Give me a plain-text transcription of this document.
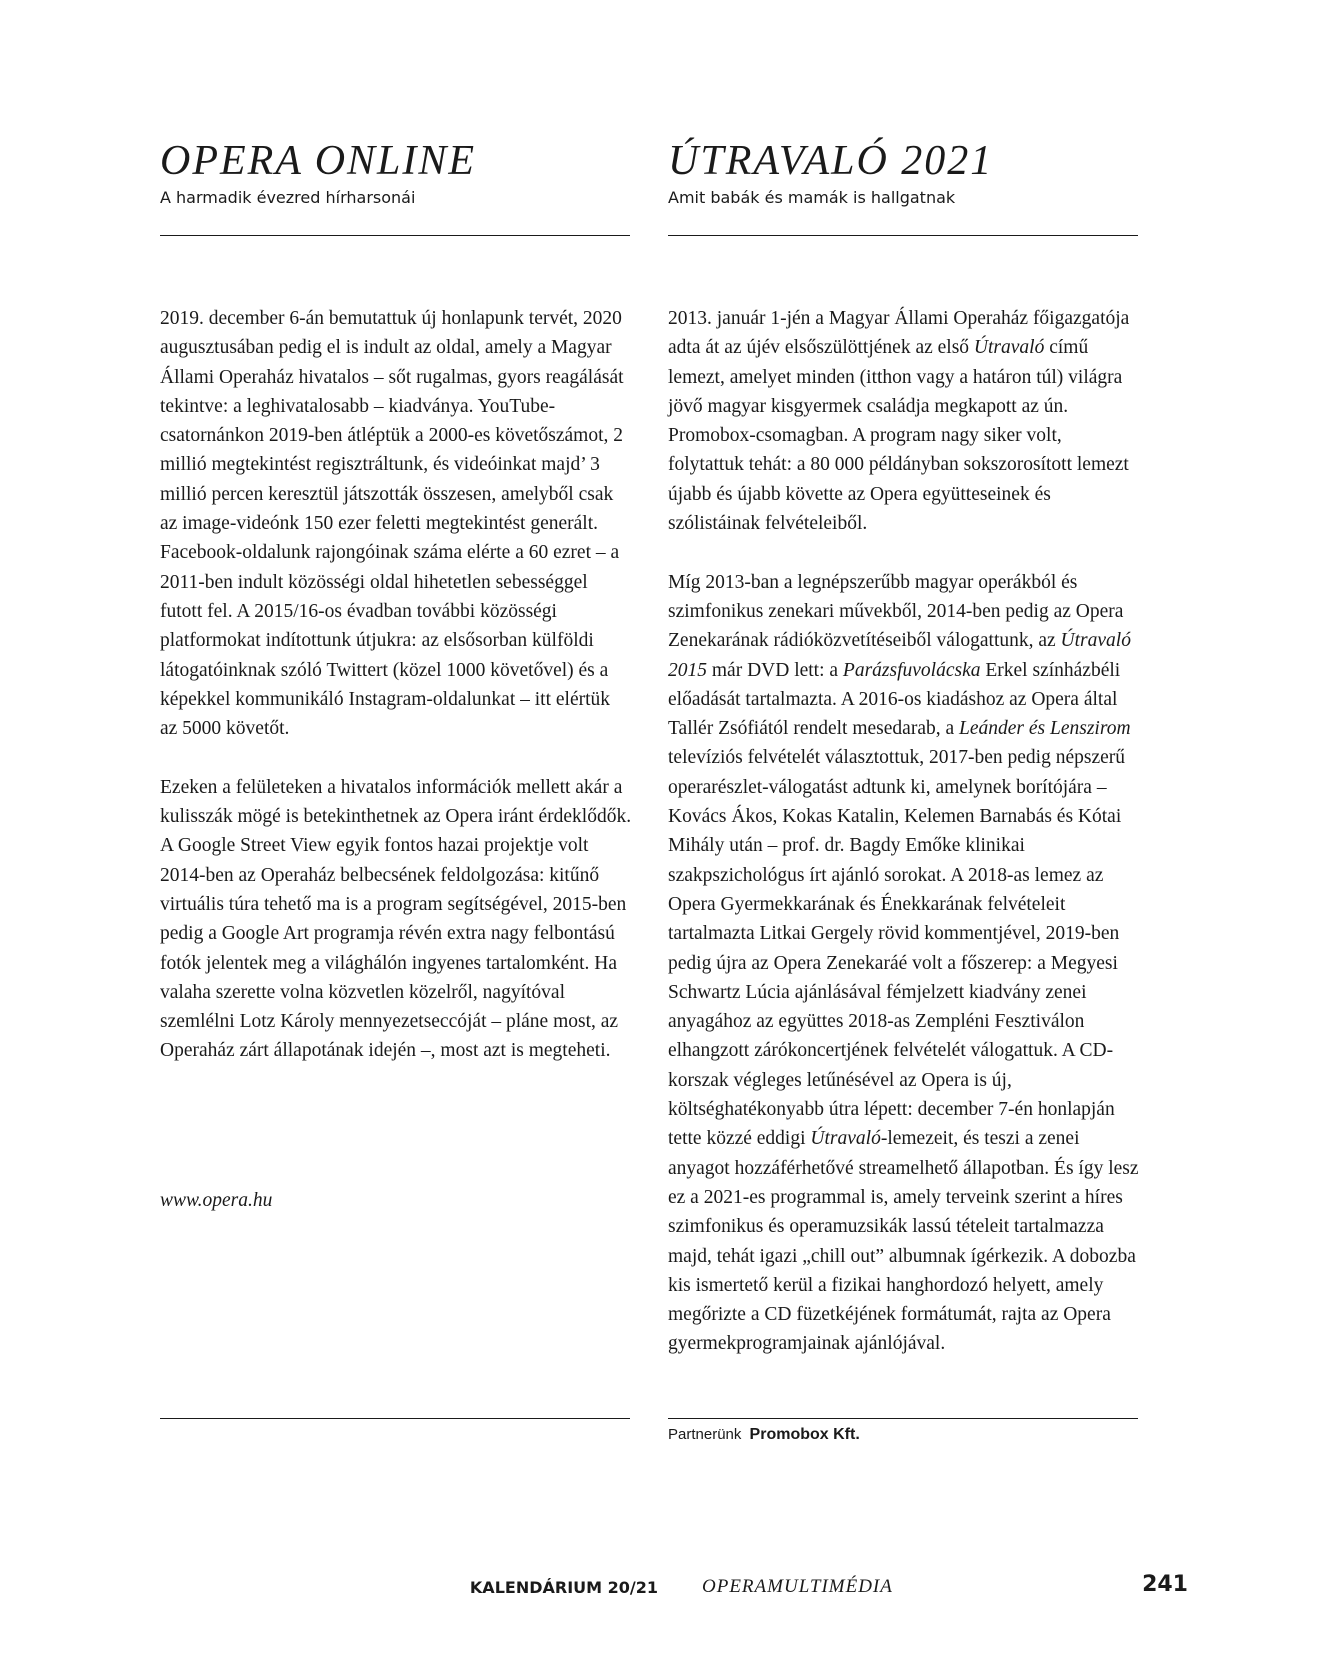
OPERA ONLINE

A harmadik évezred hírharsonái

2019. december 6-án bemutattuk új honlapunk tervét, 2020 augusztusában pedig el is indult az oldal, amely a Magyar Állami Operaház hivatalos – sőt rugalmas, gyors reagálását tekintve: a leghivatalosabb – kiadványa. YouTube-csatornánkon 2019-ben átléptük a 2000-es követőszámot, 2 millió megtekintést regisztráltunk, és videóinkat majd’ 3 millió percen keresztül játszották összesen, amelyből csak az image-videónk 150 ezer feletti megtekintést generált. Facebook-oldalunk rajongóinak száma elérte a 60 ezret – a 2011-ben indult közösségi oldal hihetetlen sebességgel futott fel. A 2015/16-os évadban további közösségi platformokat indítottunk útjukra: az elsősorban külföldi látogatóinknak szóló Twittert (közel 1000 követővel) és a képekkel kommunikáló Instagram-oldalunkat – itt elértük az 5000 követőt.

Ezeken a felületeken a hivatalos információk mellett akár a kulisszák mögé is betekinthetnek az Opera iránt érdeklődők. A Google Street View egyik fontos hazai projektje volt 2014-ben az Operaház belbecsének feldolgozása: kitűnő virtuális túra tehető ma is a program segítségével, 2015-ben pedig a Google Art programja révén extra nagy felbontású fotók jelentek meg a világhálón ingyenes tartalomként. Ha valaha szerette volna közvetlen közelről, nagyítóval szemlélni Lotz Károly mennyezetseccóját – pláne most, az Operaház zárt állapotának idején –, most azt is megteheti.

www.opera.hu

ÚTRAVALÓ 2021

Amit babák és mamák is hallgatnak

2013. január 1-jén a Magyar Állami Operaház főigazgatója adta át az újév elsőszülöttjének az első Útravaló című lemezt, amelyet minden (itthon vagy a határon túl) világra jövő magyar kisgyermek családja megkapott az ún. Promobox-csomagban. A program nagy siker volt, folytattuk tehát: a 80 000 példányban sokszorosított lemezt újabb és újabb követte az Opera együtteseinek és szólistáinak felvételeiből.

Míg 2013-ban a legnépszerűbb magyar operákból és szimfonikus zenekari művekből, 2014-ben pedig az Opera Zenekarának rádióközvetítéseiből válogattunk, az Útravaló 2015 már DVD lett: a Parázsfuvolácska Erkel színházbéli előadását tartalmazta. A 2016-os kiadáshoz az Opera által Tallér Zsófiától rendelt mesedarab, a Leánder és Lenszirom televíziós felvételét választottuk, 2017-ben pedig népszerű operarészlet-válogatást adtunk ki, amelynek borítójára – Kovács Ákos, Kokas Katalin, Kelemen Barnabás és Kótai Mihály után – prof. dr. Bagdy Emőke klinikai szakpszichológus írt ajánló sorokat. A 2018-as lemez az Opera Gyermekkarának és Énekkarának felvételeit tartalmazta Litkai Gergely rövid kommentjével, 2019-ben pedig újra az Opera Zenekaráé volt a főszerep: a Megyesi Schwartz Lúcia ajánlásával fémjelzett kiadvány zenei anyagához az együttes 2018-as Zempléni Fesztiválon elhangzott zárókoncertjének felvételét válogattuk. A CD-korszak végleges letűnésével az Opera is új, költséghatékonyabb útra lépett: december 7-én honlapján tette közzé eddigi Útravaló-lemezeit, és teszi a zenei anyagot hozzáférhetővé streamelhető állapotban. És így lesz ez a 2021-es programmal is, amely terveink szerint a híres szimfonikus és operamuzsikák lassú tételeit tartalmazza majd, tehát igazi „chill out” albumnak ígérkezik. A dobozba kis ismertető kerül a fizikai hanghordozó helyett, amely megőrizte a CD füzetkéjének formátumát, rajta az Opera gyermekprogramjainak ajánlójával.

Partnerünk Promobox Kft.

KALENDÁRIUM 20/21 OPERAMULTIMÉDIA	241
